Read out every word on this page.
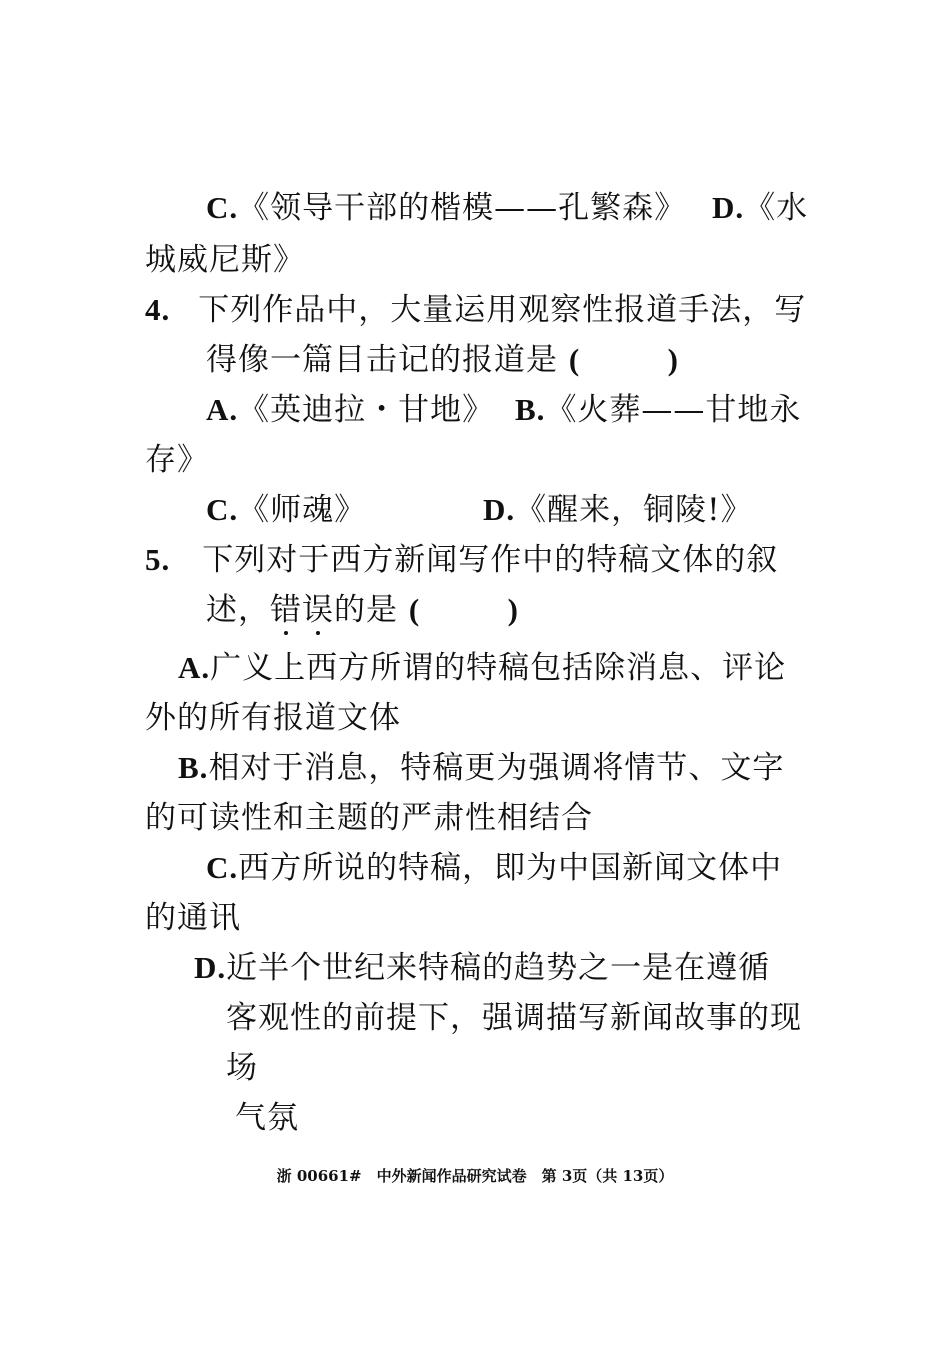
C.《领导干部的楷模——孔繁森》 D.《水
城威尼斯》
4. 下列作品中，大量运用观察性报道手法，写
得像一篇目击记的报道是 (          )
A.《英迪拉・甘地》 B.《火葬——甘地永
存》
C.《师魂》	D.《醒来，铜陵!》
5. 下列对于西方新闻写作中的特稿文体的叙
述，错误的是 (          )
A.广义上西方所谓的特稿包括除消息、评论
外的所有报道文体
B.相对于消息，特稿更为强调将情节、文字
的可读性和主题的严肃性相结合
C.西方所说的特稿，即为中国新闻文体中
的通讯
D.近半个世纪来特稿的趋势之一是在遵循
客观性的前提下，强调描写新闻故事的现
场
气氛
浙 00661#　中外新闻作品研究试卷　第 3页（共 13页）
